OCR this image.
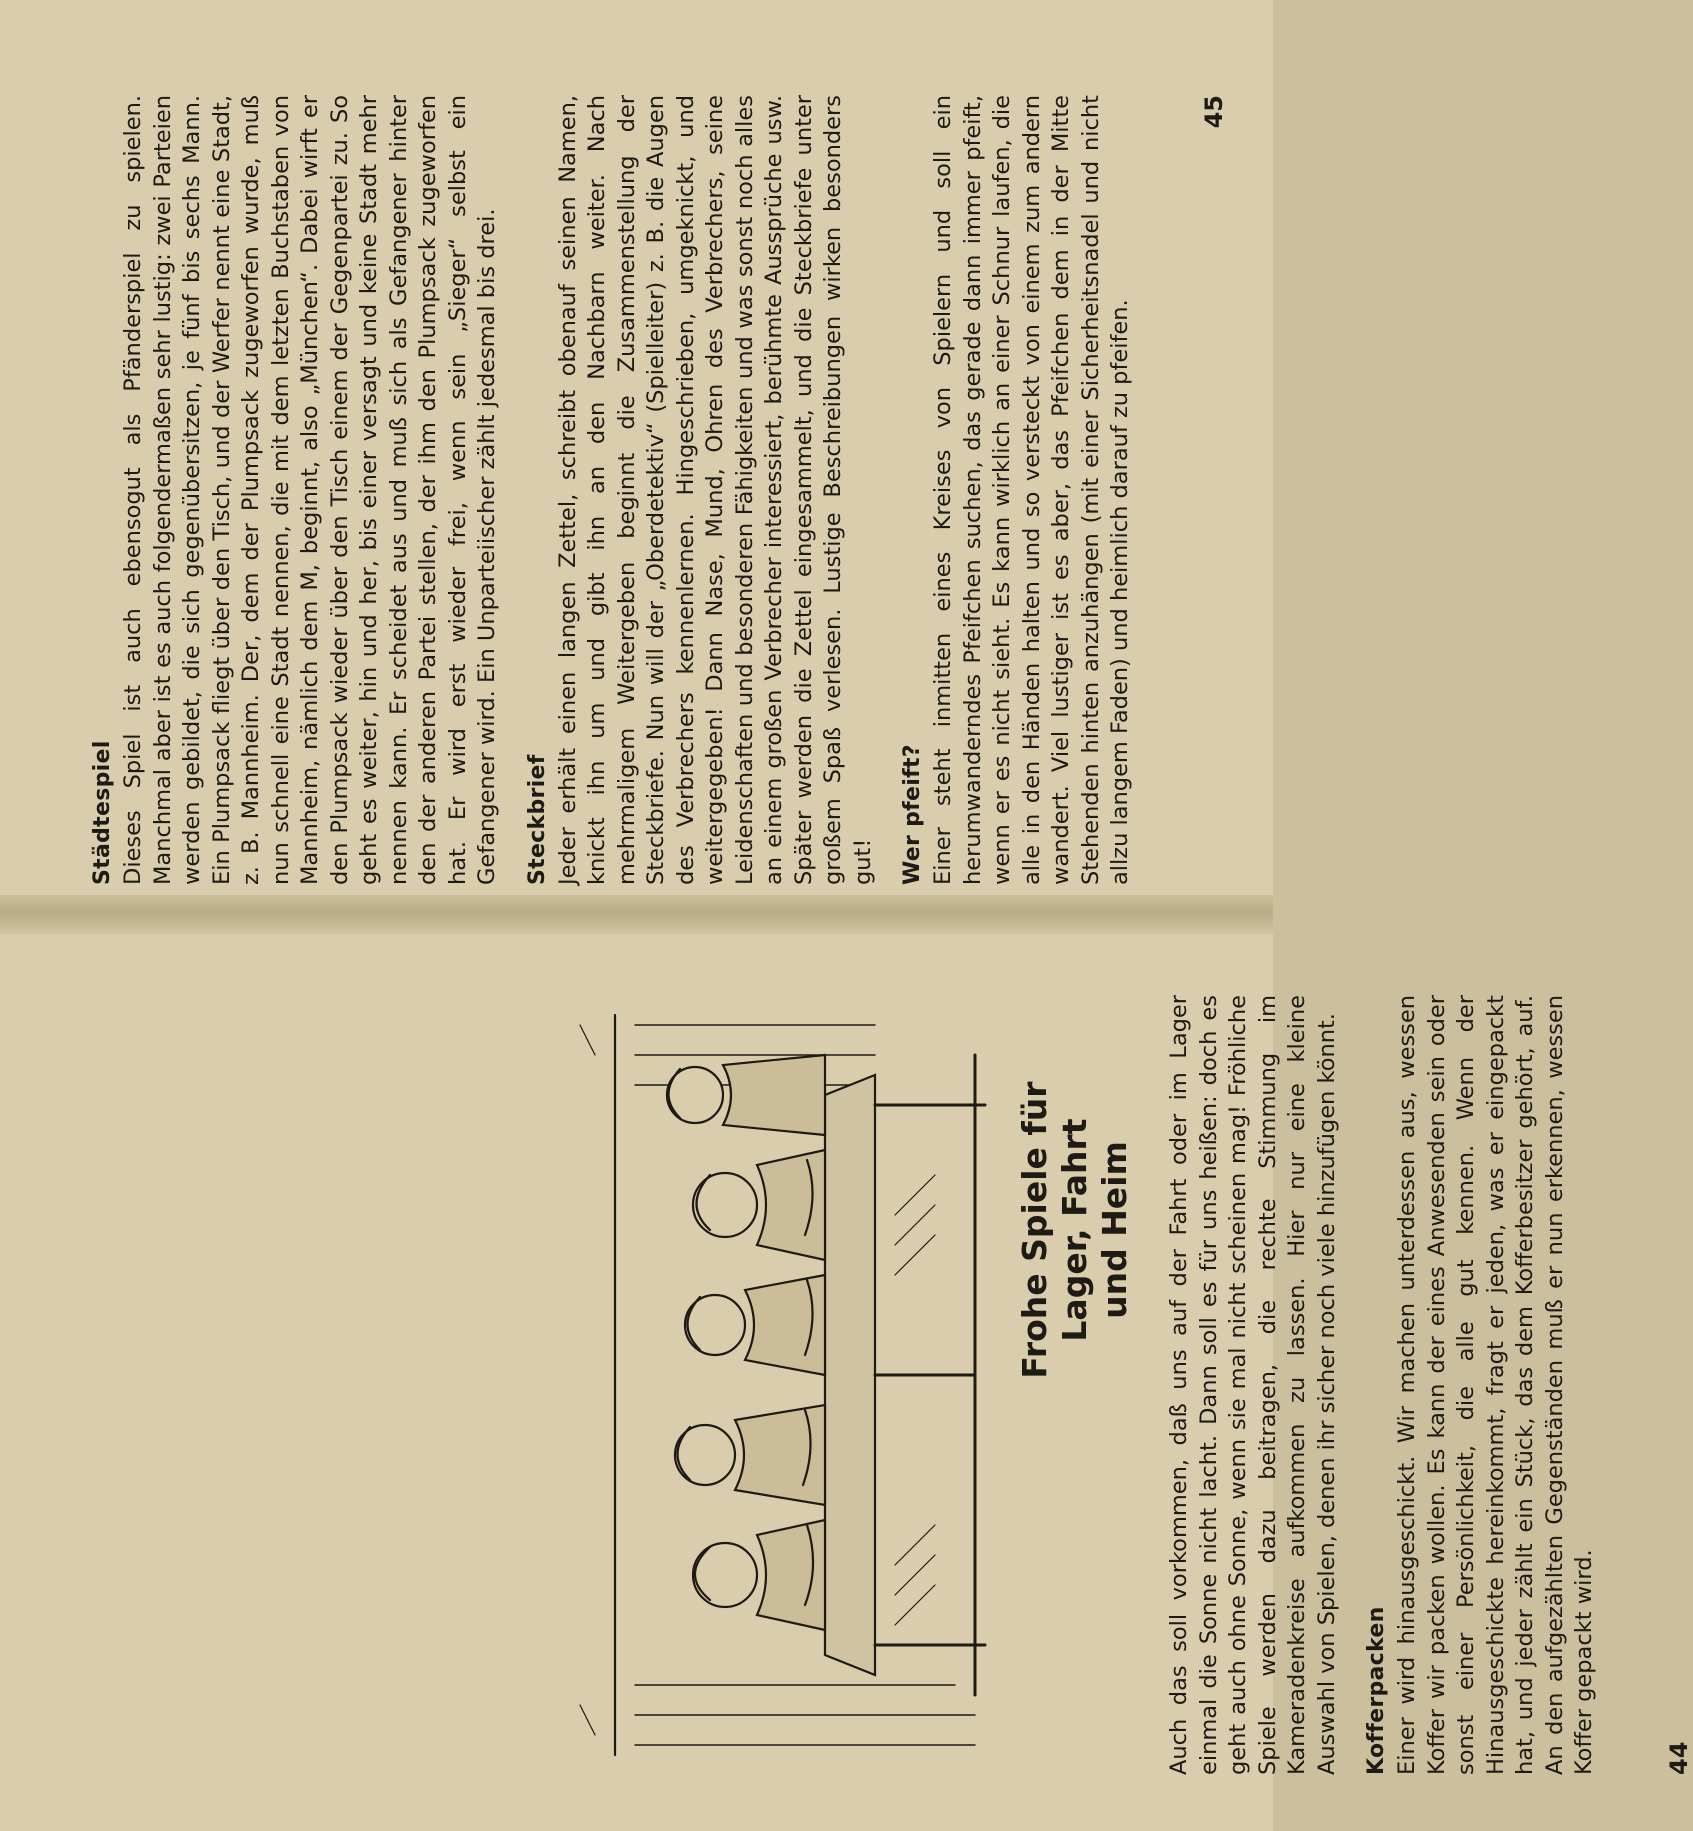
Städtespiel Dieses Spiel ist auch ebensogut als Pfänderspiel zu spielen. Manchmal aber ist es auch folgendermaßen sehr lustig: zwei Parteien werden gebildet, die sich gegenübersitzen, je fünf bis sechs Mann. Ein Plumpsack fliegt über den Tisch, und der Werfer nennt eine Stadt, z. B. Mannheim. Der, dem der Plumpsack zugeworfen wurde, muß nun schnell eine Stadt nennen, die mit dem letzten Buchstaben von Mannheim, nämlich dem M, beginnt, also „München“. Dabei wirft er den Plumpsack wieder über den Tisch einem der Gegenpartei zu. So geht es weiter, hin und her, bis einer versagt und keine Stadt mehr nennen kann. Er scheidet aus und muß sich als Gefangener hinter den der anderen Partei stellen, der ihm den Plumpsack zugeworfen hat. Er wird erst wieder frei, wenn sein „Sieger“ selbst ein Gefangener wird. Ein Unparteiischer zählt jedesmal bis drei. Steckbrief Jeder erhält einen langen Zettel, schreibt obenauf seinen Namen, knickt ihn um und gibt ihn an den Nachbarn weiter. Nach mehrmaligem Weitergeben beginnt die Zusammenstellung der Steckbriefe. Nun will der „Oberdetektiv“ (Spielleiter) z. B. die Augen des Verbrechers kennenlernen. Hingeschrieben, umgeknickt, und weitergegeben! Dann Nase, Mund, Ohren des Verbrechers, seine Leidenschaften und besonderen Fähigkeiten und was sonst noch alles an einem großen Verbrecher interessiert, berühmte Aussprüche usw. Später werden die Zettel eingesammelt, und die Steckbriefe unter großem Spaß verlesen. Lustige Beschreibungen wirken besonders gut! Wer pfeift? Einer steht inmitten eines Kreises von Spielern und soll ein herumwanderndes Pfeifchen suchen, das gerade dann immer pfeift, wenn er es nicht sieht. Es kann wirklich an einer Schnur laufen, die alle in den Händen halten und so versteckt von einem zum andern wandert. Viel lustiger ist es aber, das Pfeifchen dem in der Mitte Stehenden hinten anzuhängen (mit einer Sicherheitsnadel und nicht allzu langem Faden) und heimlich darauf zu pfeifen.

45
Frohe Spiele für Lager, Fahrt
und Heim Auch das soll vorkommen, daß uns auf der Fahrt oder im Lager einmal die Sonne nicht lacht. Dann soll es für uns heißen: doch es geht auch ohne Sonne, wenn sie mal nicht scheinen mag! Fröhliche Spiele werden dazu beitragen, die rechte Stimmung im Kameradenkreise aufkommen zu lassen. Hier nur eine kleine Auswahl von Spielen, denen ihr sicher noch viele hinzufügen könnt. Kofferpacken Einer wird hinausgeschickt. Wir machen unterdessen aus, wessen Koffer wir packen wollen. Es kann der eines Anwesenden sein oder sonst einer Persönlichkeit, die alle gut kennen. Wenn der Hinausgeschickte hereinkommt, fragt er jeden, was er eingepackt hat, und jeder zählt ein Stück, das dem Kofferbesitzer gehört, auf. An den aufgezählten Gegenständen muß er nun erkennen, wessen Koffer gepackt wird.	44
